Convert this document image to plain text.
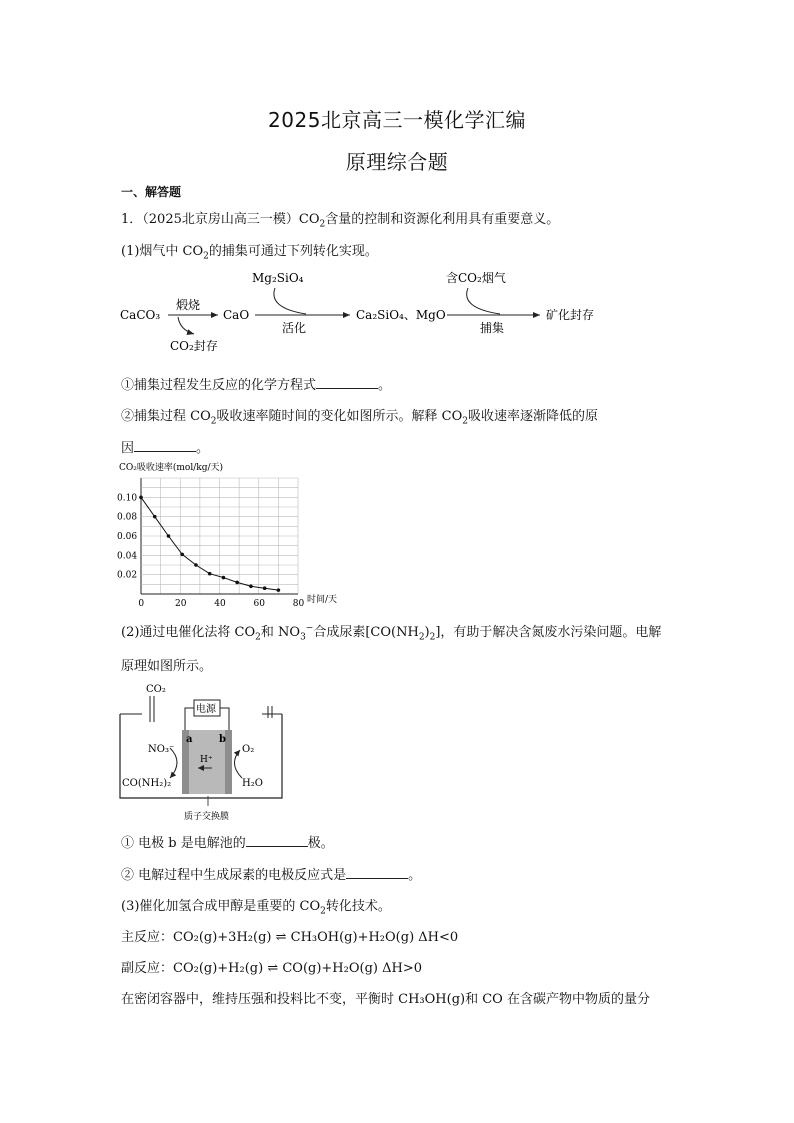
2025北京高三一模化学汇编
原理综合题
一、解答题
1．（2025北京房山高三一模）$CO_2$含量的控制和资源化利用具有重要意义。
(1)烟气中 $CO_2$的捕集可通过下列转化实现。
CaCO₃
煅烧
CO₂封存
CaO
Mg₂SiO₄
活化
Ca₂SiO₄、MgO
含CO₂烟气
捕集
矿化封存
①捕集过程发生反应的化学方程式	。
②捕集过程 $CO_2$吸收速率随时间的变化如图所示。解释 $CO_2$吸收速率逐渐降低的原
因	。
CO₂吸收速率(mol/kg/天)
时间/天
0	20	40	60	80
0.02
0.04
0.06
0.08
0.10
(2)通过电催化法将 $CO_2$和 $NO_3^-$合成尿素$[CO(NH_2)_2]$，有助于解决含氮废水污染问题。电解
原理如图所示。
CO₂
a	b
电源
H⁺
NO₃⁻
CO(NH₂)₂
O₂
H₂O
质子交换膜
① 电极 b 是电解池的	极。
② 电解过程中生成尿素的电极反应式是	。
(3)催化加氢合成甲醇是重要的 $CO_2$转化技术。
主反应：CO₂(g)+3H₂(g) ⇌ CH₃OH(g)+H₂O(g) ΔH<0
副反应：CO₂(g)+H₂(g) ⇌ CO(g)+H₂O(g) ΔH>0
在密闭容器中，维持压强和投料比不变，平衡时 CH₃OH(g)和 CO 在含碳产物中物质的量分
